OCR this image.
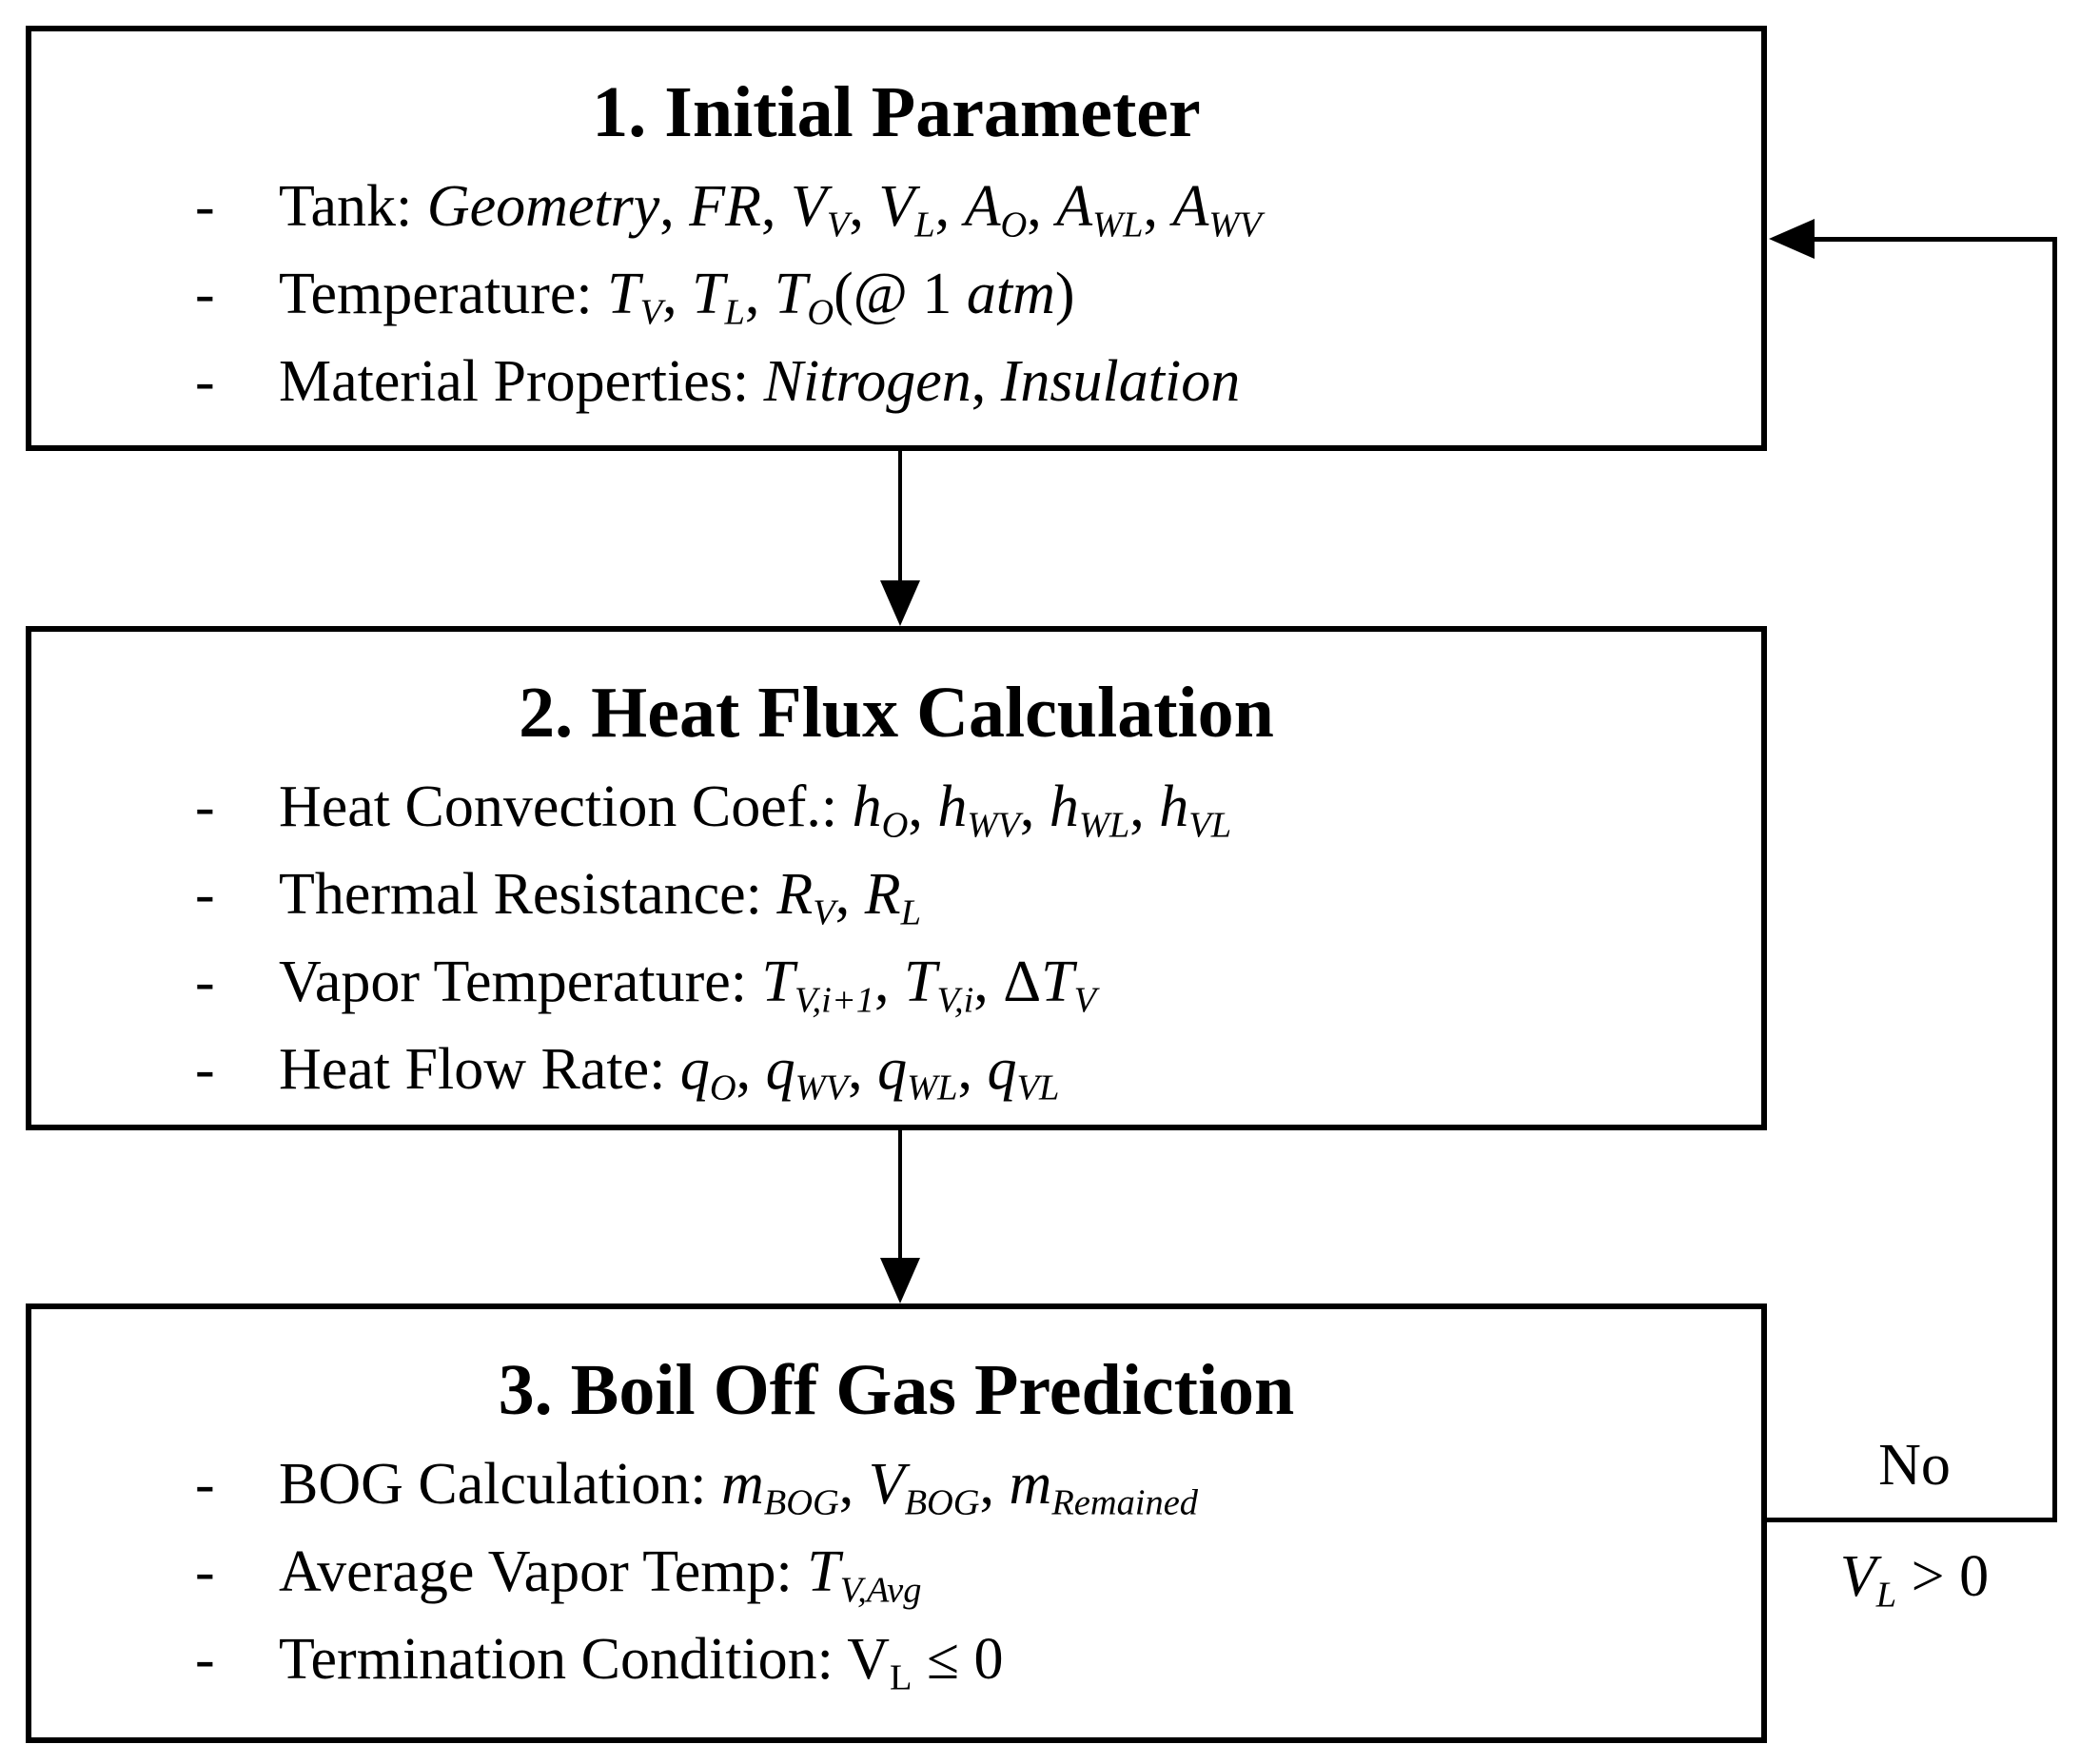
1. Initial Parameter
-	Tank: Geometry, FR, $V_V$, $V_L$, $A_O$, $A_{WL}$, $A_{WV}$
-	Temperature: $T_V$, $T_L$, $T_O(@$ 1 atm)
-	Material Properties: Nitrogen, Insulation
2. Heat Flux Calculation
-	Heat Convection Coef.: $h_O$, $h_{WV}$, $h_{WL}$, $h_{VL}$
-	Thermal Resistance: $R_V$, $R_L$
-	Vapor Temperature: $T_{V,i+1}$, $T_{V,i}$, $\Delta T_V$
-	Heat Flow Rate: $q_O$, $q_{WV}$, $q_{WL}$, $q_{VL}$
3. Boil Off Gas Prediction
-	BOG Calculation: $m_{BOG}$, $V_{BOG}$, $m_{Remained}$
-	Average Vapor Temp: $T_{V,Avg}$
-	Termination Condition: $V_L \le 0$
No
$V_L > 0$
